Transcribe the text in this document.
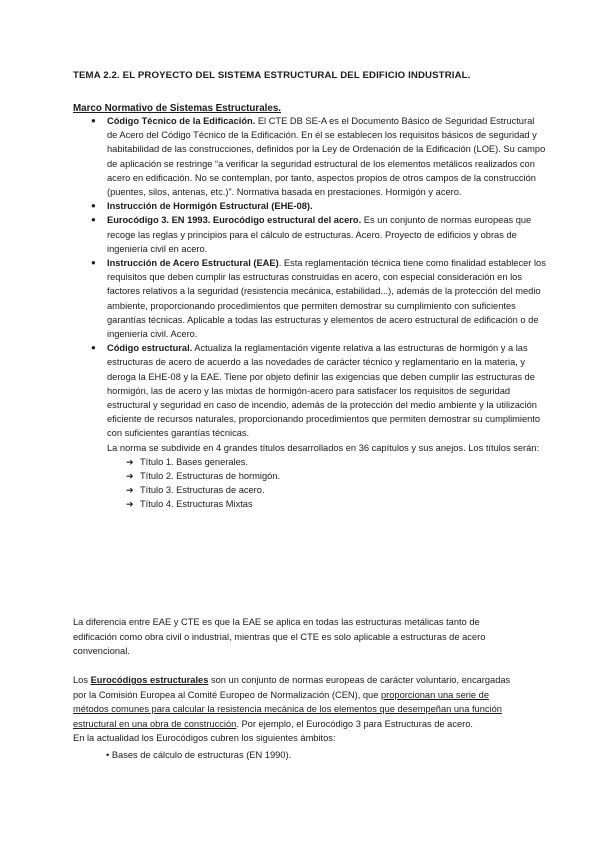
TEMA 2.2. EL PROYECTO DEL SISTEMA ESTRUCTURAL DEL EDIFICIO INDUSTRIAL.
Marco Normativo de Sistemas Estructurales.
● Código Técnico de la Edificación. El CTE DB SE-A es el Documento Básico de Seguridad Estructural de Acero del Código Técnico de la Edificación. En él se establecen los requisitos básicos de seguridad y habitabilidad de las construcciones, definidos por la Ley de Ordenación de la Edificación (LOE). Su campo de aplicación se restringe “a verificar la seguridad estructural de los elementos metálicos realizados con acero en edificación. No se contemplan, por tanto, aspectos propios de otros campos de la construcción (puentes, silos, antenas, etc.)”. Normativa basada en prestaciones. Hormigón y acero.
● Instrucción de Hormigón Estructural (EHE-08).
● Eurocódigo 3. EN 1993. Eurocódigo estructural del acero. Es un conjunto de normas europeas que recoge las reglas y principios para el cálculo de estructuras. Acero. Proyecto de edificios y obras de ingeniería civil en acero.
● Instrucción de Acero Estructural (EAE). Esta reglamentación técnica tiene como finalidad establecer los requisitos que deben cumplir las estructuras construidas en acero, con especial consideración en los factores relativos a la seguridad (resistencia mecánica, estabilidad...), además de la protección del medio ambiente, proporcionando procedimientos que permiten demostrar su cumplimiento con suficientes garantías técnicas. Aplicable a todas las estructuras y elementos de acero estructural de edificación o de ingeniería civil. Acero.
● Código estructural. Actualiza la reglamentación vigente relativa a las estructuras de hormigón y a las estructuras de acero de acuerdo a las novedades de carácter técnico y reglamentario en la materia, y deroga la EHE-08 y la EAE. Tiene por objeto definir las exigencias que deben cumplir las estructuras de hormigón, las de acero y las mixtas de hormigón-acero para satisfacer los requisitos de seguridad estructural y seguridad en caso de incendio, además de la protección del medio ambiente y la utilización eficiente de recursos naturales, proporcionando procedimientos que permiten demostrar su cumplimiento con suficientes garantías técnicas.
La norma se subdivide en 4 grandes títulos desarrollados en 36 capítulos y sus anejos. Los títulos serán:
➔ Título 1. Bases generales.
➔ Título 2. Estructuras de hormigón.
➔ Título 3. Estructuras de acero.
➔ Título 4. Estructuras Mixtas

La diferencia entre EAE y CTE es que la EAE se aplica en todas las estructuras metálicas tanto de edificación como obra civil o industrial, mientras que el CTE es solo aplicable a estructuras de acero convencional.

Los Eurocódigos estructurales son un conjunto de normas europeas de carácter voluntario, encargadas por la Comisión Europea al Comité Europeo de Normalización (CEN), que proporcionan una serie de métodos comunes para calcular la resistencia mecánica de los elementos que desempeñan una función estructural en una obra de construcción. Por ejemplo, el Eurocódigo 3 para Estructuras de acero.
En la actualidad los Eurocódigos cubren los siguientes ámbitos:

• Bases de cálculo de estructuras (EN 1990).
